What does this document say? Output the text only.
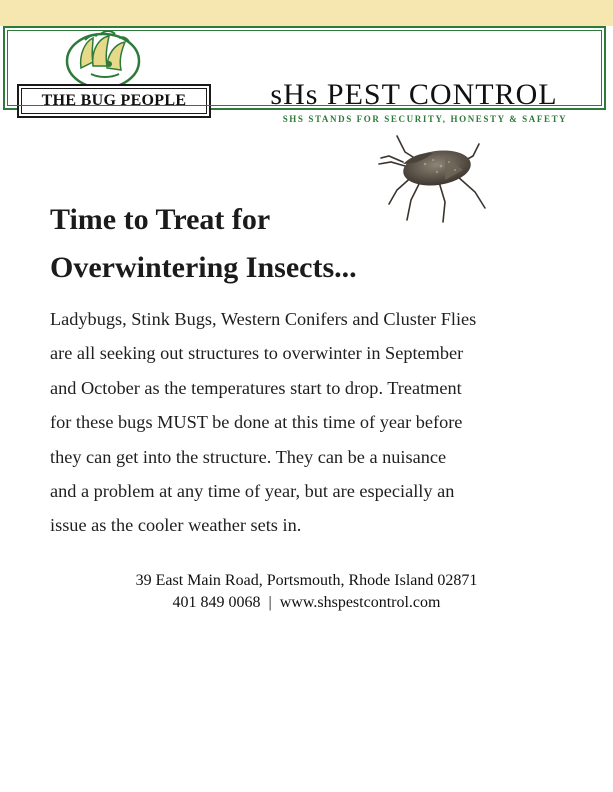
THE BUG PEOPLE	sHs PEST CONTROL
SHS STANDS FOR SECURITY, HONESTY & SAFETY
Time to Treat for
Overwintering Insects...

Ladybugs, Stink Bugs, Western Conifers and Cluster Flies
are all seeking out structures to overwinter in September
and October as the temperatures start to drop. Treatment
for these bugs MUST be done at this time of year before
they can get into the structure. They can be a nuisance
and a problem at any time of year, but are especially an
issue as the cooler weather sets in.

39 East Main Road, Portsmouth, Rhode Island 02871
401 849 0068 | www.shspestcontrol.com
